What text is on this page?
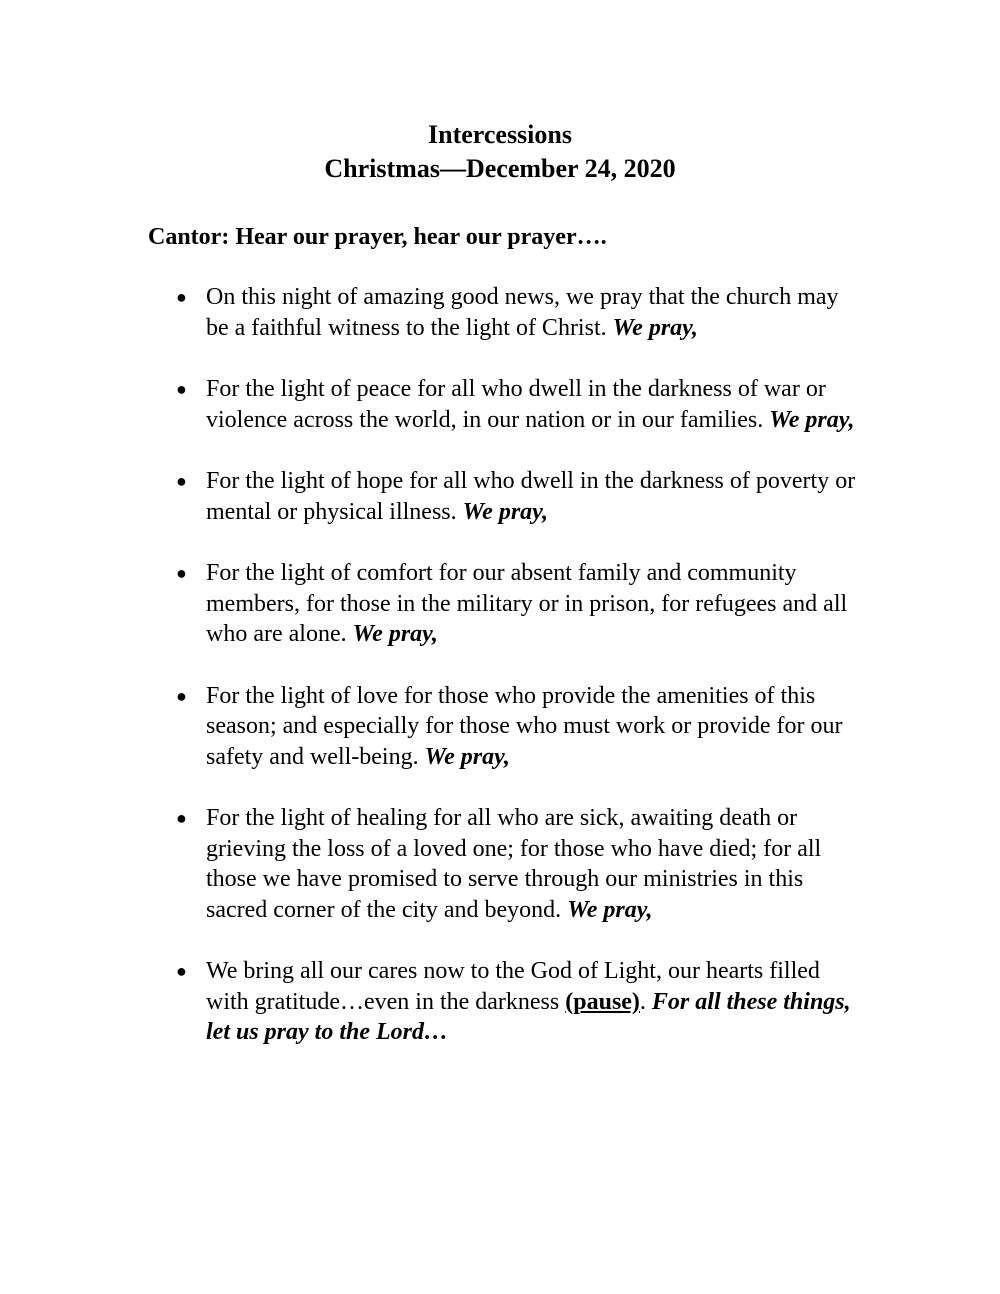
Intercessions
Christmas—December 24, 2020
Cantor: Hear our prayer, hear our prayer….
● On this night of amazing good news, we pray that the church may be a faithful witness to the light of Christ. We pray,
● For the light of peace for all who dwell in the darkness of war or violence across the world, in our nation or in our families. We pray,
● For the light of hope for all who dwell in the darkness of poverty or mental or physical illness. We pray,
● For the light of comfort for our absent family and community members, for those in the military or in prison, for refugees and all who are alone. We pray,
● For the light of love for those who provide the amenities of this season; and especially for those who must work or provide for our safety and well-being. We pray,
● For the light of healing for all who are sick, awaiting death or grieving the loss of a loved one; for those who have died; for all those we have promised to serve through our ministries in this sacred corner of the city and beyond. We pray,
● We bring all our cares now to the God of Light, our hearts filled with gratitude…even in the darkness (pause). For all these things, let us pray to the Lord…
